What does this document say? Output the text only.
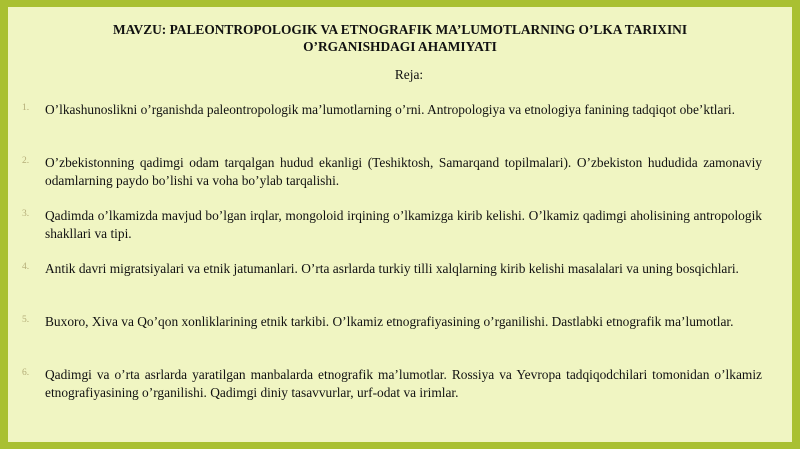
MAVZU: PALEONTROPOLOGIK VA ETNOGRAFIK MA’LUMOTLARNING O’LKA TARIXINI O’RGANISHDAGI AHAMIYATI
Reja:
1. O’lkashunoslikni o’rganishda paleontropologik ma’lumotlarning o’rni. Antropologiya va etnologiya fanining tadqiqot obe’ktlari.
2. O’zbekistonning qadimgi odam tarqalgan hudud ekanligi (Teshiktosh, Samarqand topilmalari). O’zbekiston hududida zamonaviy odamlarning paydo bo’lishi va voha bo’ylab tarqalishi.
3. Qadimda o’lkamizda mavjud bo’lgan irqlar, mongoloid irqining o’lkamizga kirib kelishi. O’lkamiz qadimgi aholisining antropologik shakllari va tipi.
4. Antik davri migratsiyalari va etnik jatumanlari. O’rta asrlarda turkiy tilli xalqlarning kirib kelishi masalalari va uning bosqichlari.
5. Buxoro, Xiva va Qo’qon xonliklarining etnik tarkibi. O’lkamiz etnografiyasining o’rganilishi. Dastlabki etnografik ma’lumotlar.
6. Qadimgi va o’rta asrlarda yaratilgan manbalarda etnografik ma’lumotlar. Rossiya va Yevropa tadqiqodchilari tomonidan o’lkamiz etnografiyasining o’rganilishi. Qadimgi diniy tasavvurlar, urf-odat va irimlar.
